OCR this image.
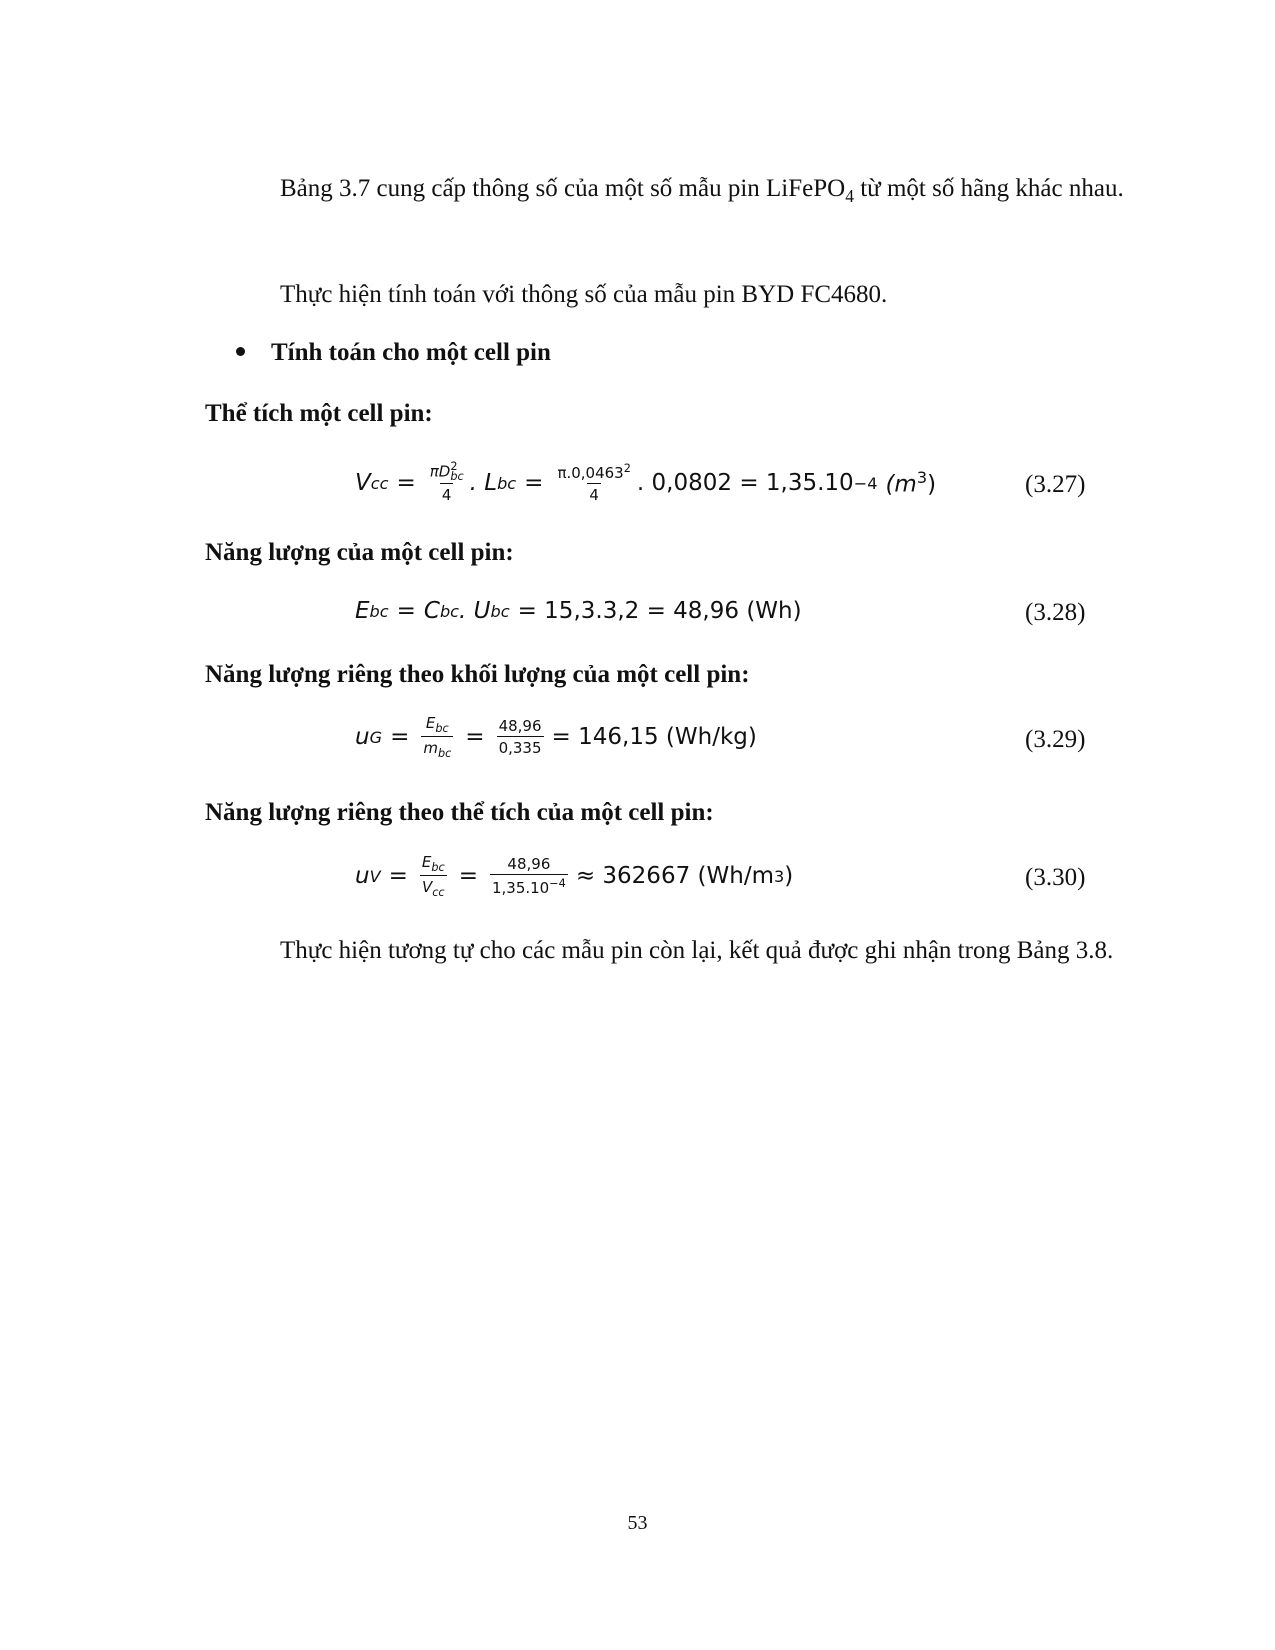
Bảng 3.7 cung cấp thông số của một số mẫu pin LiFePO$_4$ từ một số hãng khác nhau.
Thực hiện tính toán với thông số của mẫu pin BYD FC4680.
Tính toán cho một cell pin
Thể tích một cell pin:
V cc = πD 2
bc
4 . L bc = $\frac{\pi.0,0463^2}{4}$ . 0,0802 = 1,35.10 −4 $(m^3)$	(3.27)
Năng lượng của một cell pin:
E bc = C bc . U bc = 15,3.3,2 = 48,96 (Wh)	(3.28)
Năng lượng riêng theo khối lượng của một cell pin:
u $G = \frac{E_{bc}}{m_{bc}} = \frac{48,96}{0,335} = 146,15$ (Wh/kg)	(3.29)
Năng lượng riêng theo thể tích của một cell pin:
u $V = \frac{E_{bc}}{V_{cc}} = \frac{48,96}{1,35.10^{-4}} \approx 362667$ (Wh/m 3 )	(3.30)
Thực hiện tương tự cho các mẫu pin còn lại, kết quả được ghi nhận trong Bảng 3.8.
53
